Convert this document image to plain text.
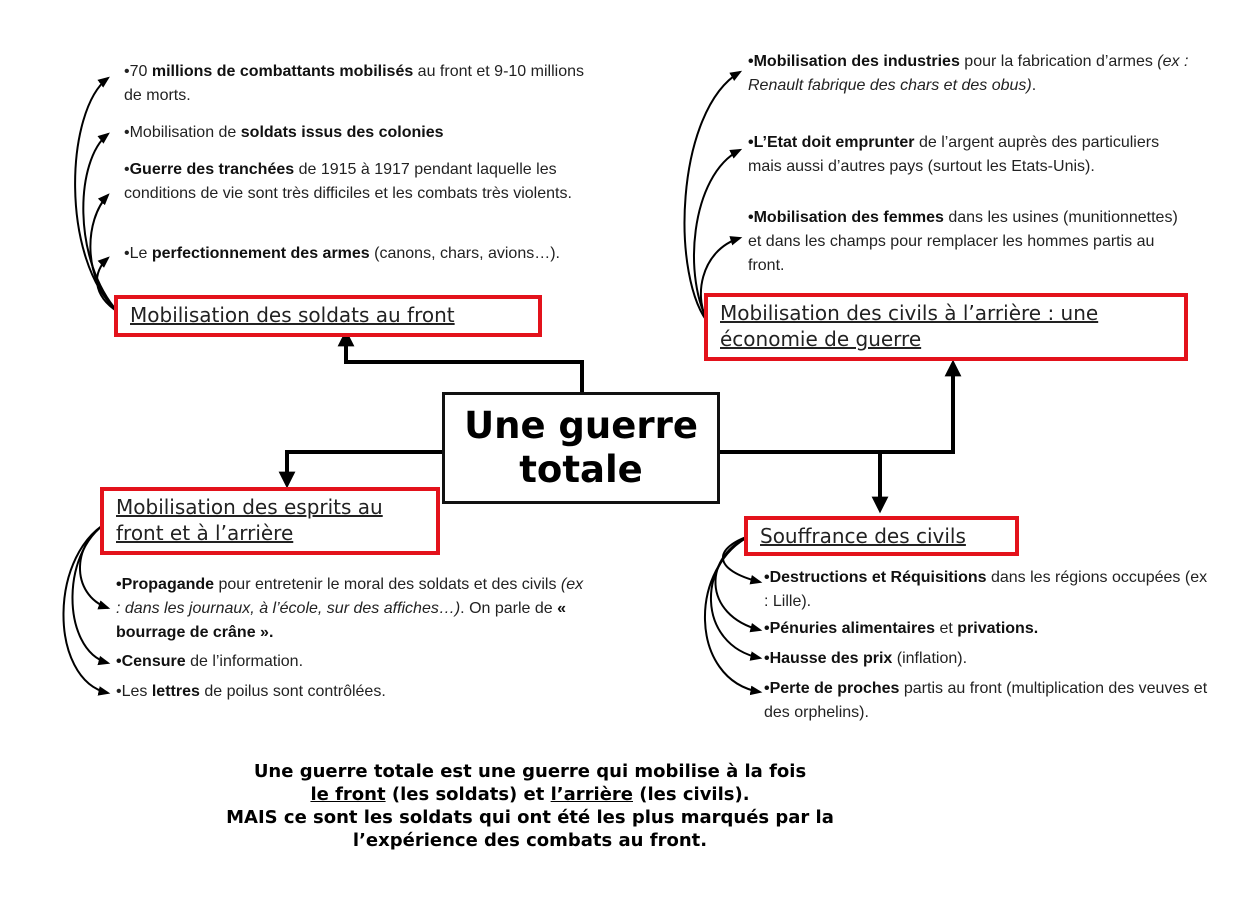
•70 millions de combattants mobilisés au front et 9-10 millions de morts.
•Mobilisation de soldats issus des colonies
•Guerre des tranchées de 1915 à 1917 pendant laquelle les conditions de vie sont très difficiles et les combats très violents.
•Le perfectionnement des armes (canons, chars, avions…).
Mobilisation des soldats au front
•Mobilisation des industries pour la fabrication d’armes (ex : Renault fabrique des chars et des obus).
•L’Etat doit emprunter de l’argent auprès des particuliers mais aussi d’autres pays (surtout les Etats-Unis).
•Mobilisation des femmes dans les usines (munitionnettes) et dans les champs pour remplacer les hommes partis au front.
Mobilisation des civils à l’arrière : une économie de guerre
Une guerre
totale
Mobilisation des esprits au front et à l’arrière
•Propagande pour entretenir le moral des soldats et des civils (ex : dans les journaux, à l’école, sur des affiches…). On parle de « bourrage de crâne ».
•Censure de l’information.
•Les lettres de poilus sont contrôlées.
Souffrance des civils
•Destructions et Réquisitions dans les régions occupées (ex : Lille).
•Pénuries alimentaires et privations.
•Hausse des prix (inflation).
•Perte de proches partis au front (multiplication des veuves et des orphelins).
Une guerre totale est une guerre qui mobilise à la fois
le front (les soldats) et l’arrière (les civils).
MAIS ce sont les soldats qui ont été les plus marqués par la
l’expérience des combats au front.
